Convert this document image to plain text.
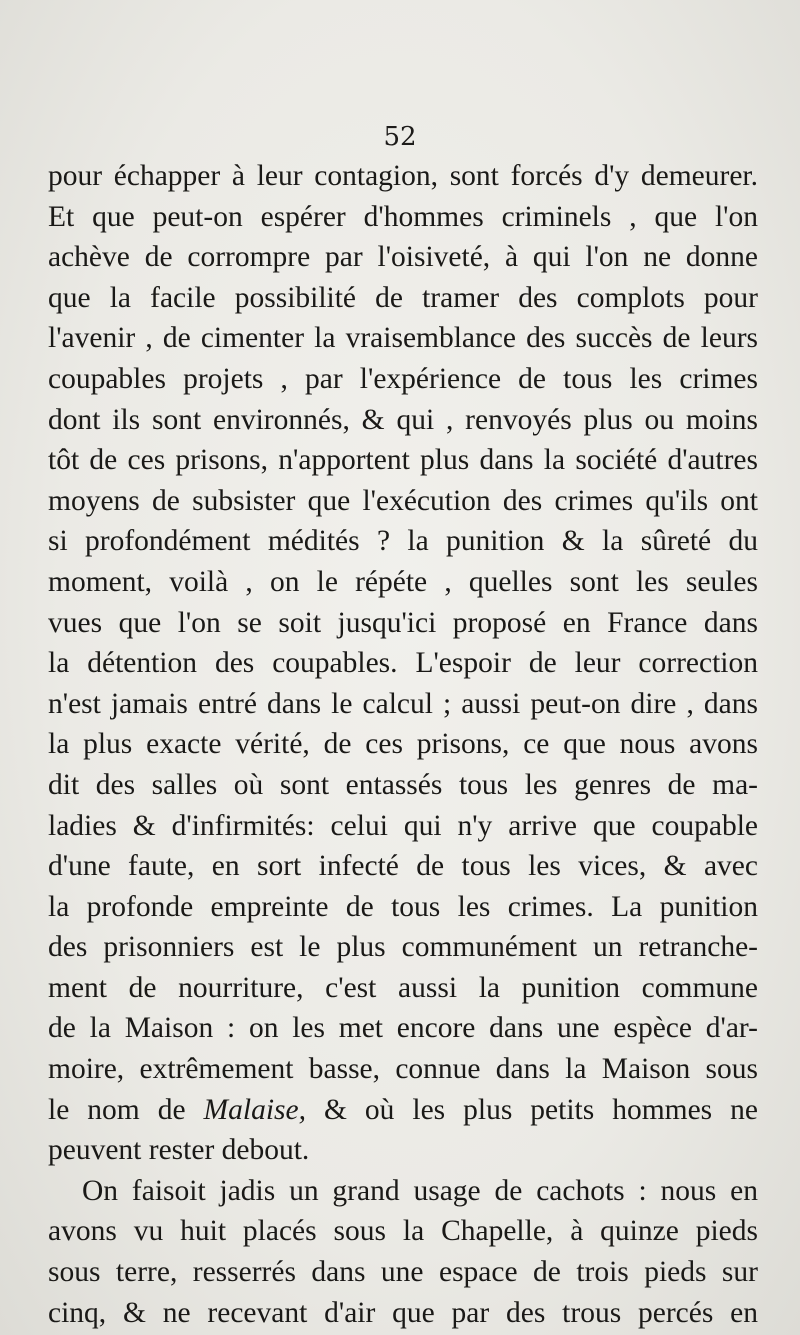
52
pour échapper à leur contagion, sont forcés d'y demeurer.
Et que peut-on espérer d'hommes criminels , que l'on
achève de corrompre par l'oisiveté, à qui l'on ne donne
que la facile possibilité de tramer des complots pour
l'avenir , de cimenter la vraisemblance des succès de leurs
coupables projets , par l'expérience de tous les crimes
dont ils sont environnés, & qui , renvoyés plus ou moins
tôt de ces prisons, n'apportent plus dans la société d'autres
moyens de subsister que l'exécution des crimes qu'ils ont
si profondément médités ? la punition & la sûreté du
moment, voilà , on le répéte , quelles sont les seules
vues que l'on se soit jusqu'ici proposé en France dans
la détention des coupables. L'espoir de leur correction
n'est jamais entré dans le calcul ; aussi peut-on dire , dans
la plus exacte vérité, de ces prisons, ce que nous avons
dit des salles où sont entassés tous les genres de ma-
ladies & d'infirmités: celui qui n'y arrive que coupable
d'une faute, en sort infecté de tous les vices, & avec
la profonde empreinte de tous les crimes. La punition
des prisonniers est le plus communément un retranche-
ment de nourriture, c'est aussi la punition commune
de la Maison : on les met encore dans une espèce d'ar-
moire, extrêmement basse, connue dans la Maison sous
le nom de Malaise, & où les plus petits hommes ne
peuvent rester debout.
On faisoit jadis un grand usage de cachots : nous en
avons vu huit placés sous la Chapelle, à quinze pieds
sous terre, resserrés dans une espace de trois pieds sur
cinq, & ne recevant d'air que par des trous percés en
